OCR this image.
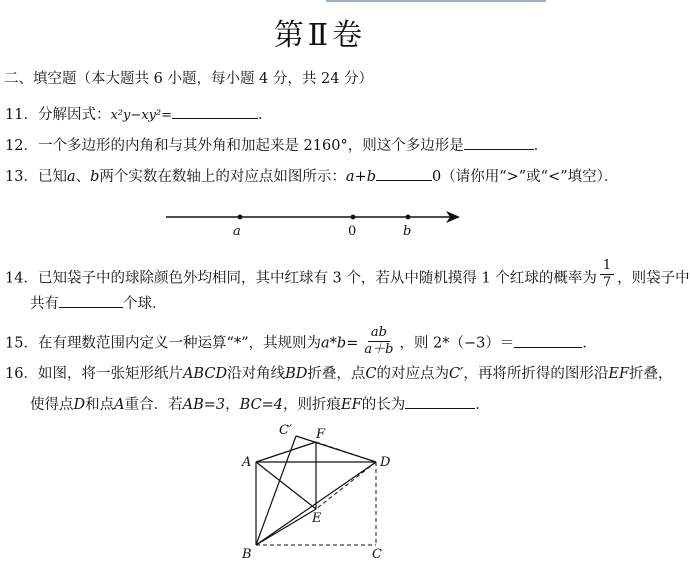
第Ⅱ卷
二、填空题（本大题共 6 小题，每小题 4 分，共 24 分）
11．分解因式：x²y−xy²=	．
12．一个多边形的内角和与其外角和加起来是 2160°，则这个多边形是	．
13．已知a、b两个实数在数轴上的对应点如图所示：a+b	0（请你用“>”或“<”填空）．
a	0	b
14．已知袋子中的球除颜色外均相同，其中红球有 3 个，若从中随机摸得 1 个红球的概率为 $\frac{1}{7}$ ，则袋子中
共有	个球．
15．在有理数范围内定义一种运算“*”，其规则为$a*b= \frac{ab}{a+b}$ ，则 2*（−3）＝	．
16．如图，将一张矩形纸片ABCD沿对角线BD折叠，点C的对应点为C′，再将所折得的图形沿EF折叠，
使得点D和点A重合．若AB=3，BC=4，则折痕EF的长为	．
C′ F
A	D
E
B	C
